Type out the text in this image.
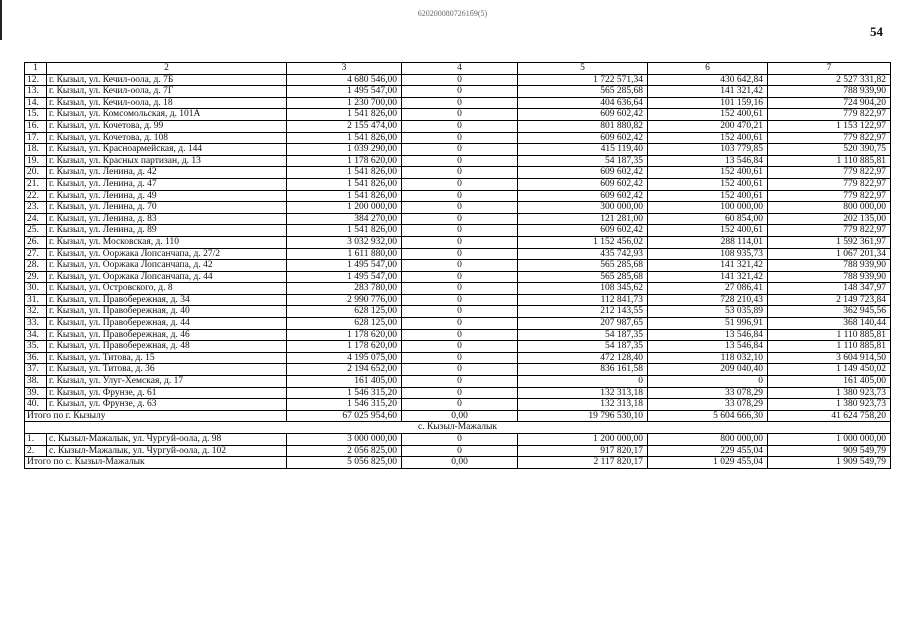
6202000807261б9(5)
54
1	2	3	4	5	6	7
12.	г. Кызыл, ул. Кечил-оола, д. 7Б	4 680 546,00	0	1 722 571,34	430 642,84	2 527 331,82
13.	г. Кызыл, ул. Кечил-оола, д. 7Г	1 495 547,00	0	565 285,68	141 321,42	788 939,90
14.	г. Кызыл, ул. Кечил-оола, д. 18	1 230 700,00	0	404 636,64	101 159,16	724 904,20
15.	г. Кызыл, ул. Комсомольская, д. 101А	1 541 826,00	0	609 602,42	152 400,61	779 822,97
16.	г. Кызыл, ул. Кочетова, д. 99	2 155 474,00	0	801 880,82	200 470,21	1 153 122,97
17.	г. Кызыл, ул. Кочетова, д. 108	1 541 826,00	0	609 602,42	152 400,61	779 822,97
18.	г. Кызыл, ул. Красноармейская, д. 144	1 039 290,00	0	415 119,40	103 779,85	520 390,75
19.	г. Кызыл, ул. Красных партизан, д. 13	1 178 620,00	0	54 187,35	13 546,84	1 110 885,81
20.	г. Кызыл, ул. Ленина, д. 42	1 541 826,00	0	609 602,42	152 400,61	779 822,97
21.	г. Кызыл, ул. Ленина, д. 47	1 541 826,00	0	609 602,42	152 400,61	779 822,97
22.	г. Кызыл, ул. Ленина, д. 49	1 541 826,00	0	609 602,42	152 400,61	779 822,97
23.	г. Кызыл, ул. Ленина, д. 70	1 200 000,00	0	300 000,00	100 000,00	800 000,00
24.	г. Кызыл, ул. Ленина, д. 83	384 270,00	0	121 281,00	60 854,00	202 135,00
25.	г. Кызыл, ул. Ленина, д. 89	1 541 826,00	0	609 602,42	152 400,61	779 822,97
26.	г. Кызыл, ул. Московская, д. 110	3 032 932,00	0	1 152 456,02	288 114,01	1 592 361,97
27.	г. Кызыл, ул. Ооржака Лопсанчапа, д. 27/2	1 611 880,00	0	435 742,93	108 935,73	1 067 201,34
28.	г. Кызыл, ул. Ооржака Лопсанчапа, д. 42	1 495 547,00	0	565 285,68	141 321,42	788 939,90
29.	г. Кызыл, ул. Ооржака Лопсанчапа, д. 44	1 495 547,00	0	565 285,68	141 321,42	788 939,90
30.	г. Кызыл, ул. Островского, д. 8	283 780,00	0	108 345,62	27 086,41	148 347,97
31.	г. Кызыл, ул. Правобережная, д. 34	2 990 776,00	0	112 841,73	728 210,43	2 149 723,84
32.	г. Кызыл, ул. Правобережная, д. 40	628 125,00	0	212 143,55	53 035,89	362 945,56
33.	г. Кызыл, ул. Правобережная, д. 44	628 125,00	0	207 987,65	51 996,91	368 140,44
34.	г. Кызыл, ул. Правобережная, д. 46	1 178 620,00	0	54 187,35	13 546,84	1 110 885,81
35.	г. Кызыл, ул. Правобережная, д. 48	1 178 620,00	0	54 187,35	13 546,84	1 110 885,81
36.	г. Кызыл, ул. Титова, д. 15	4 195 075,00	0	472 128,40	118 032,10	3 604 914,50
37.	г. Кызыл, ул. Титова, д. 36	2 194 652,00	0	836 161,58	209 040,40	1 149 450,02
38.	г. Кызыл, ул. Улуг-Хемская, д. 17	161 405,00	0	0	0	161 405,00
39.	г. Кызыл, ул. Фрунзе, д. 61	1 546 315,20	0	132 313,18	33 078,29	1 380 923,73
40.	г. Кызыл, ул. Фрунзе, д. 63	1 546 315,20	0	132 313,18	33 078,29	1 380 923,73
Итого по г. Кызылу		67 025 954,60	0,00	19 796 530,10	5 604 666,30	41 624 758,20
с. Кызыл-Мажалык						
1.	с. Кызыл-Мажалык, ул. Чургуй-оола, д. 98	3 000 000,00	0	1 200 000,00	800 000,00	1 000 000,00
2.	с. Кызыл-Мажалык, ул. Чургуй-оола, д. 102	2 056 825,00	0	917 820,17	229 455,04	909 549,79
Итого по с. Кызыл-Мажалык		5 056 825,00	0,00	2 117 820,17	1 029 455,04	1 909 549,79
